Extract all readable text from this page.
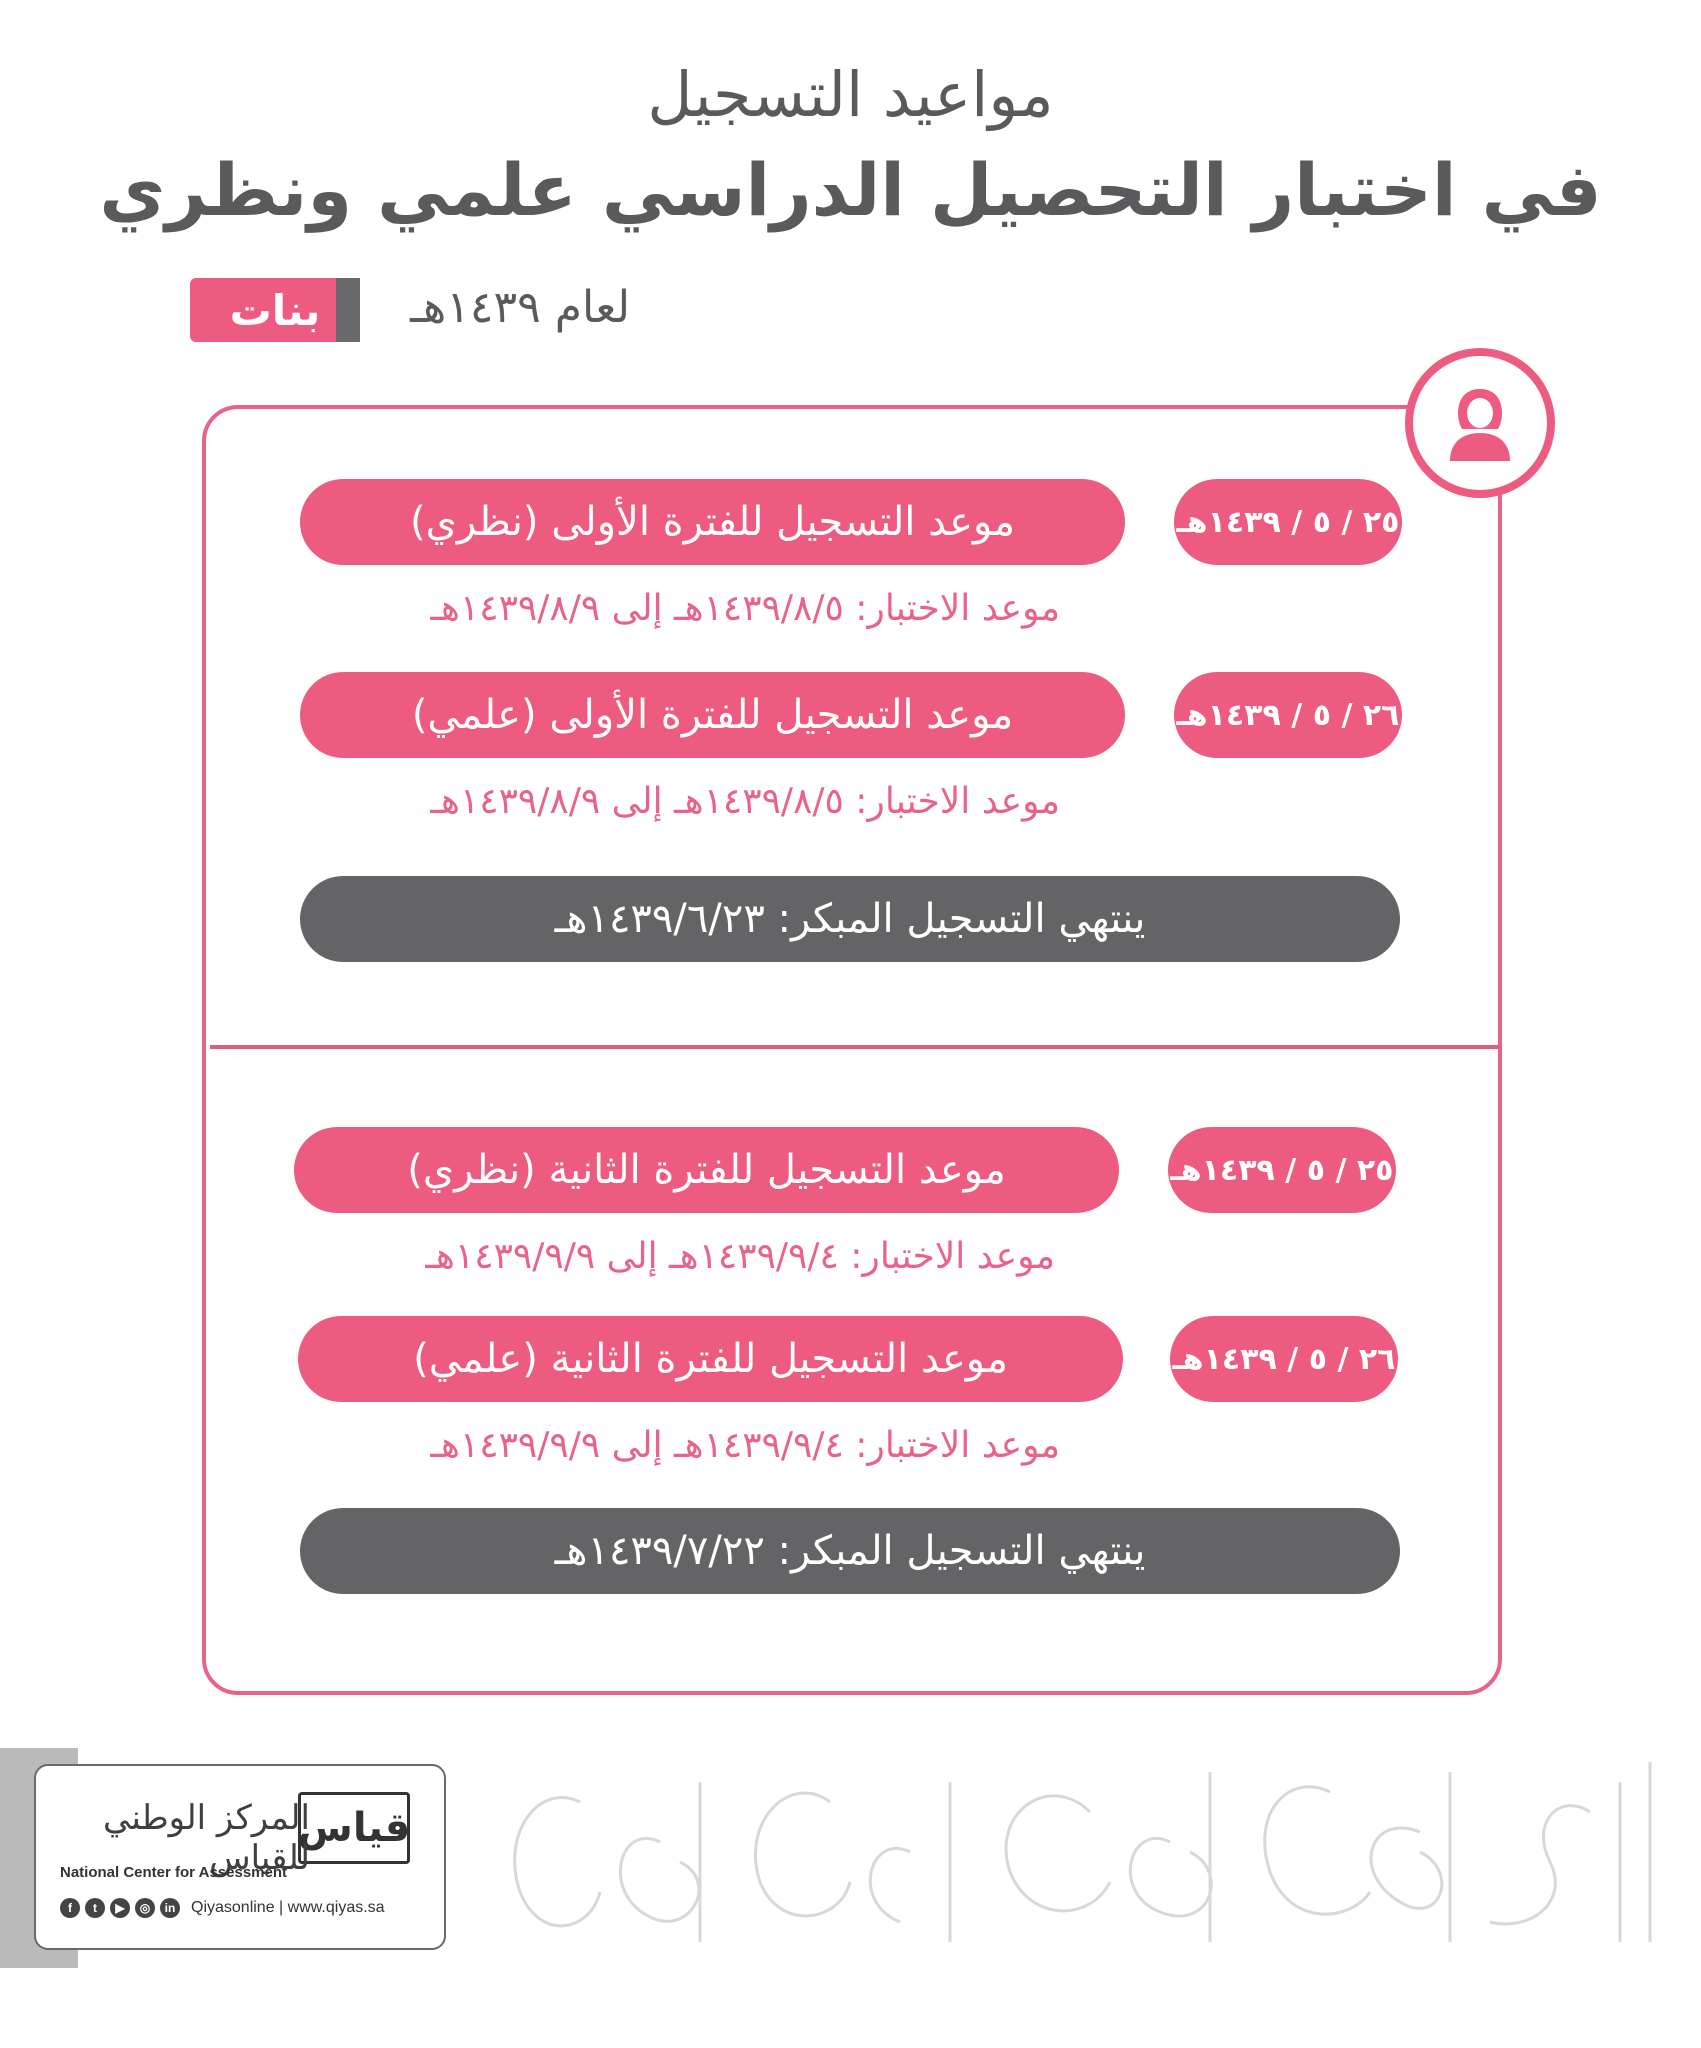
مواعيد التسجيل
في اختبار التحصيل الدراسي علمي ونظري
لعام ١٤٣٩هـ
بنات
٢٥ / ٥ / ١٤٣٩هـ
موعد التسجيل للفترة الأولى (نظري)
موعد الاختبار: ١٤٣٩/٨/٥هـ إلى ١٤٣٩/٨/٩هـ
٢٦ / ٥ / ١٤٣٩هـ
موعد التسجيل للفترة الأولى (علمي)
موعد الاختبار: ١٤٣٩/٨/٥هـ إلى ١٤٣٩/٨/٩هـ
ينتهي التسجيل المبكر: ١٤٣٩/٦/٢٣هـ
٢٥ / ٥ / ١٤٣٩هـ
موعد التسجيل للفترة الثانية (نظري)
موعد الاختبار: ١٤٣٩/٩/٤هـ إلى ١٤٣٩/٩/٩هـ
٢٦ / ٥ / ١٤٣٩هـ
موعد التسجيل للفترة الثانية (علمي)
موعد الاختبار: ١٤٣٩/٩/٤هـ إلى ١٤٣٩/٩/٩هـ
ينتهي التسجيل المبكر: ١٤٣٩/٧/٢٢هـ
قياس
المركز الوطني للقياس
National Center for Assessment
f	t	▶	◎	in Qiyasonline | www.qiyas.sa
